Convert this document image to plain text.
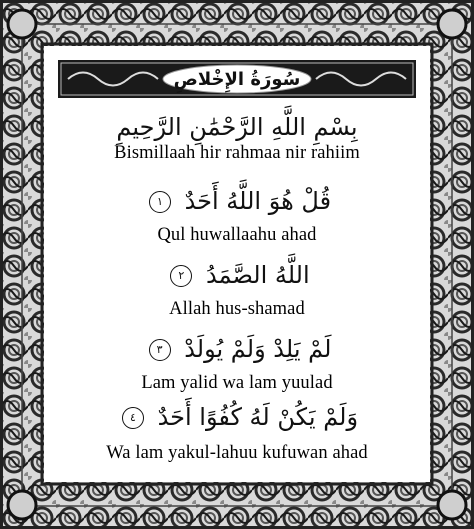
سُورَةُ الإِخْلاصِ
بِسْمِ اللَّهِ الرَّحْمَٰنِ الرَّحِيمِ
Bismillaah hir rahmaa nir rahiim
قُلْ هُوَ اللَّهُ أَحَدٌ ١
Qul huwallaahu ahad
اللَّهُ الصَّمَدُ ٢
Allah hus-shamad
لَمْ يَلِدْ وَلَمْ يُولَدْ ٣
Lam yalid wa lam yuulad
وَلَمْ يَكُنْ لَهُ كُفُوًا أَحَدٌ ٤
Wa lam yakul-lahuu kufuwan ahad
